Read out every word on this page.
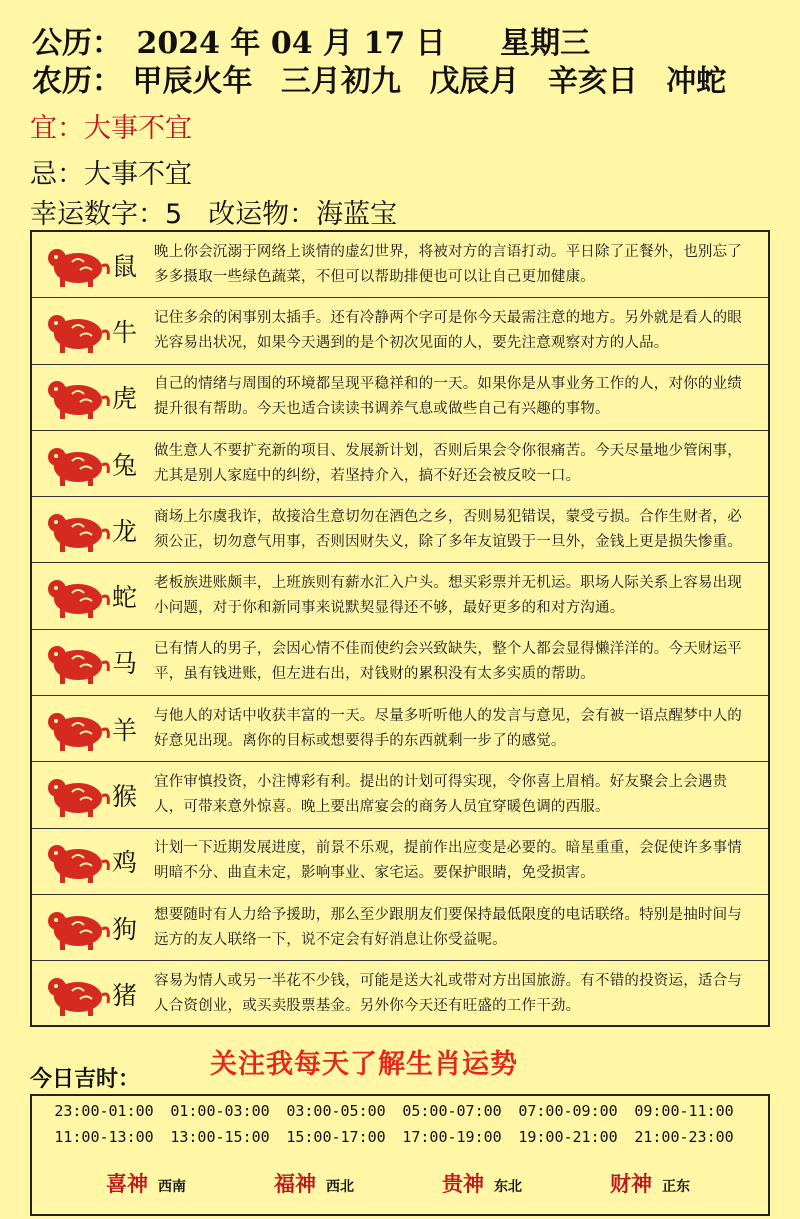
公历： 2024 年 04 月 17 日 星期三
农历： 甲辰火年 三月初九 戊辰月 辛亥日 冲蛇
宜：大事不宜
忌：大事不宜
幸运数字：5 改运物：海蓝宝
鼠	晚上你会沉溺于网络上谈情的虚幻世界，将被对方的言语打动。平日除了正餐外，也别忘了多多摄取一些绿色蔬菜，不但可以帮助排便也可以让自己更加健康。
牛	记住多余的闲事别太插手。还有冷静两个字可是你今天最需注意的地方。另外就是看人的眼光容易出状况，如果今天遇到的是个初次见面的人，要先注意观察对方的人品。
虎	自己的情绪与周围的环境都呈现平稳祥和的一天。如果你是从事业务工作的人，对你的业绩提升很有帮助。今天也适合读读书调养气息或做些自己有兴趣的事物。
兔	做生意人不要扩充新的项目、发展新计划，否则后果会令你很痛苦。今天尽量地少管闲事，尤其是别人家庭中的纠纷，若坚持介入，搞不好还会被反咬一口。
龙	商场上尔虞我诈，故接洽生意切勿在酒色之乡，否则易犯错误，蒙受亏损。合作生财者，必须公正，切勿意气用事，否则因财失义，除了多年友谊毁于一旦外，金钱上更是损失惨重。
蛇	老板族进账颇丰，上班族则有薪水汇入户头。想买彩票并无机运。职场人际关系上容易出现小问题，对于你和新同事来说默契显得还不够，最好更多的和对方沟通。
马	已有情人的男子，会因心情不佳而使约会兴致缺失，整个人都会显得懒洋洋的。今天财运平平，虽有钱进账，但左进右出，对钱财的累积没有太多实质的帮助。
羊	与他人的对话中收获丰富的一天。尽量多听听他人的发言与意见，会有被一语点醒梦中人的好意见出现。离你的目标或想要得手的东西就剩一步了的感觉。
猴	宜作审慎投资，小注博彩有利。提出的计划可得实现，令你喜上眉梢。好友聚会上会遇贵人，可带来意外惊喜。晚上要出席宴会的商务人员宜穿暖色调的西服。
鸡	计划一下近期发展进度，前景不乐观，提前作出应变是必要的。暗星重重，会促使许多事情明暗不分、曲直未定，影响事业、家宅运。要保护眼睛，免受损害。
狗	想要随时有人力给予援助，那么至少跟朋友们要保持最低限度的电话联络。特别是抽时间与远方的友人联络一下，说不定会有好消息让你受益呢。
猪	容易为情人或另一半花不少钱，可能是送大礼或带对方出国旅游。有不错的投资运，适合与人合资创业，或买卖股票基金。另外你今天还有旺盛的工作干劲。
今日吉时：	关注我每天了解生肖运势
23:00-01:00	01:00-03:00	03:00-05:00	05:00-07:00	07:00-09:00	09:00-11:00
11:00-13:00	13:00-15:00	15:00-17:00	17:00-19:00	19:00-21:00	21:00-23:00
喜神 西南	福神 西北	贵神 东北	财神 正东
